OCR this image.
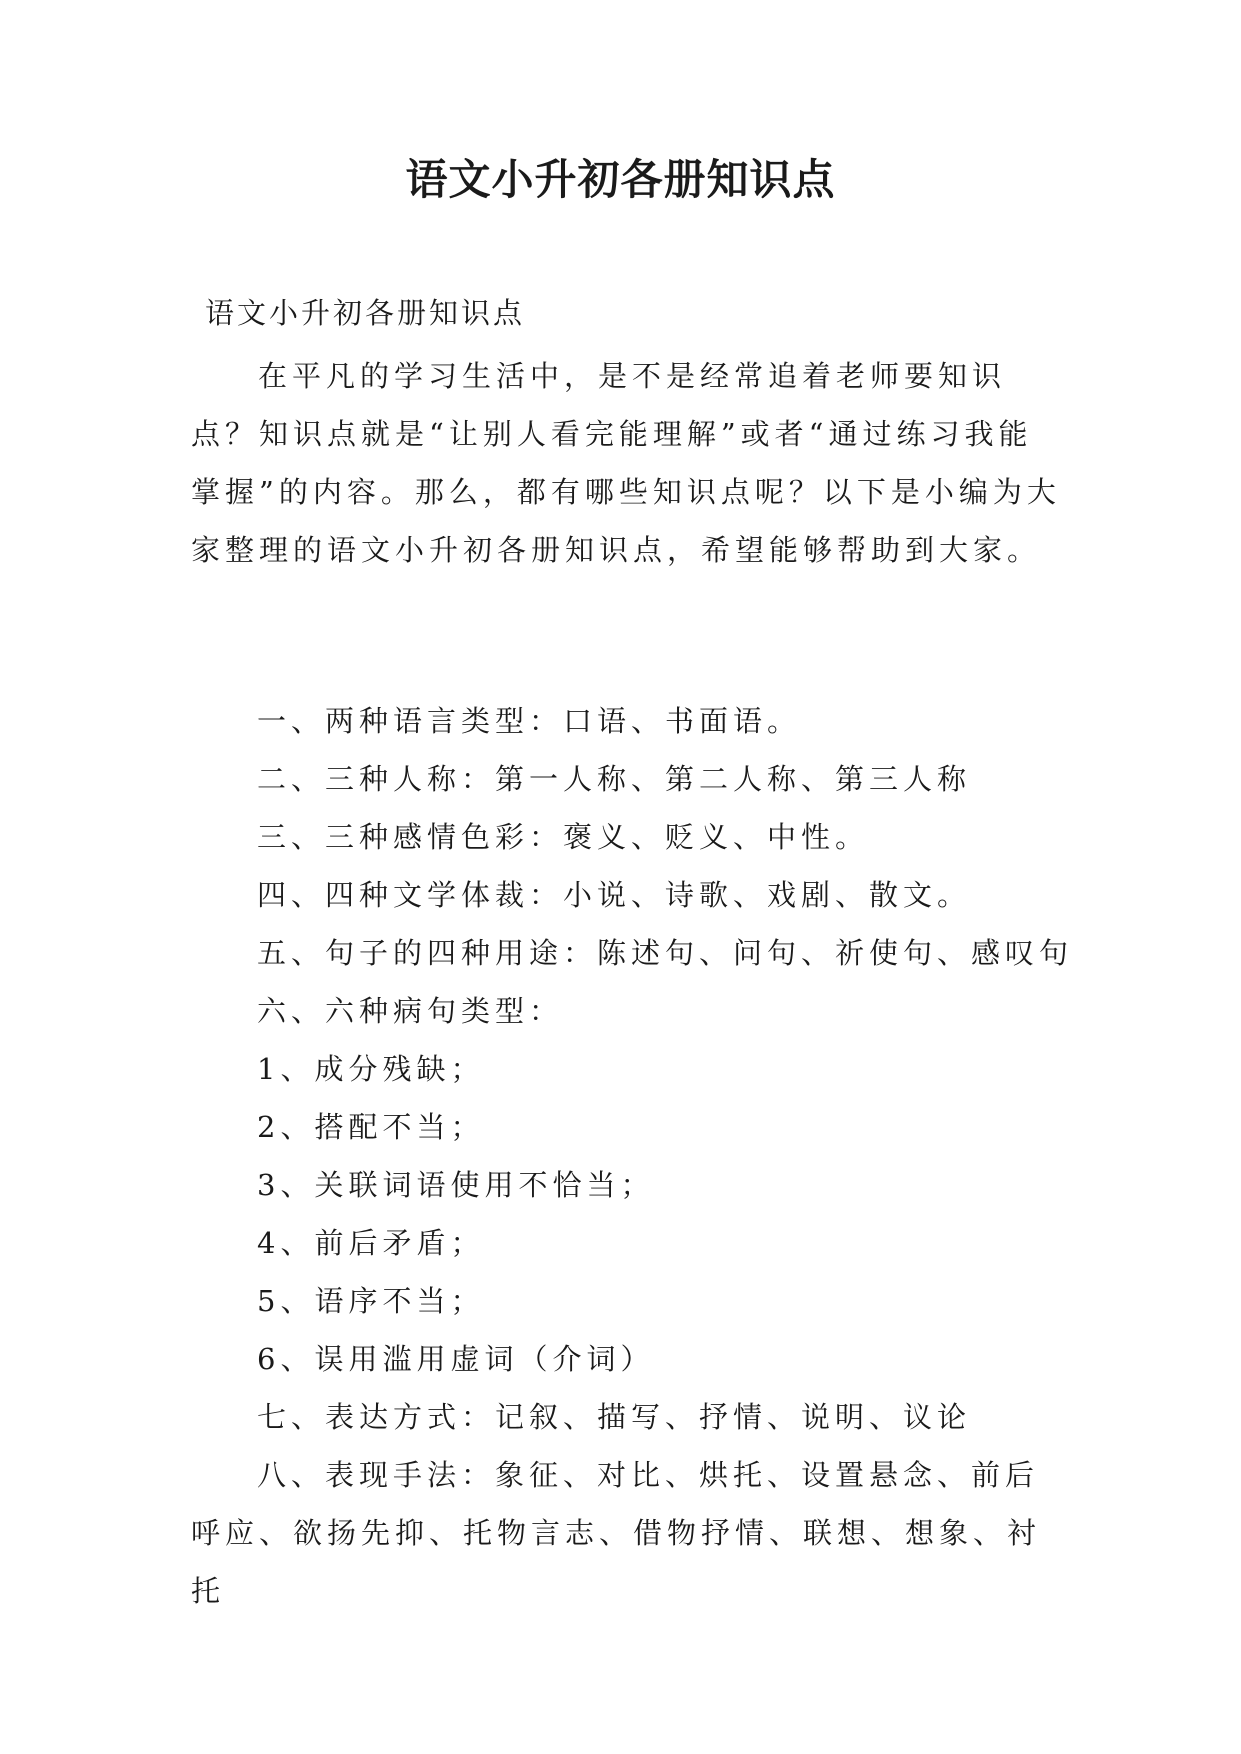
语文小升初各册知识点
语文小升初各册知识点

在平凡的学习生活中，是不是经常追着老师要知识点？知识点就是“让别人看完能理解”或者“通过练习我能掌握”的内容。那么，都有哪些知识点呢？以下是小编为大家整理的语文小升初各册知识点，希望能够帮助到大家。

一、两种语言类型：口语、书面语。
二、三种人称：第一人称、第二人称、第三人称
三、三种感情色彩：褒义、贬义、中性。
四、四种文学体裁：小说、诗歌、戏剧、散文。
五、句子的四种用途：陈述句、问句、祈使句、感叹句
六、六种病句类型：
1、成分残缺；
2、搭配不当；
3、关联词语使用不恰当；
4、前后矛盾；
5、语序不当；
6、误用滥用虚词（介词）
七、表达方式：记叙、描写、抒情、说明、议论
八、表现手法：象征、对比、烘托、设置悬念、前后呼应、欲扬先抑、托物言志、借物抒情、联想、想象、衬托
